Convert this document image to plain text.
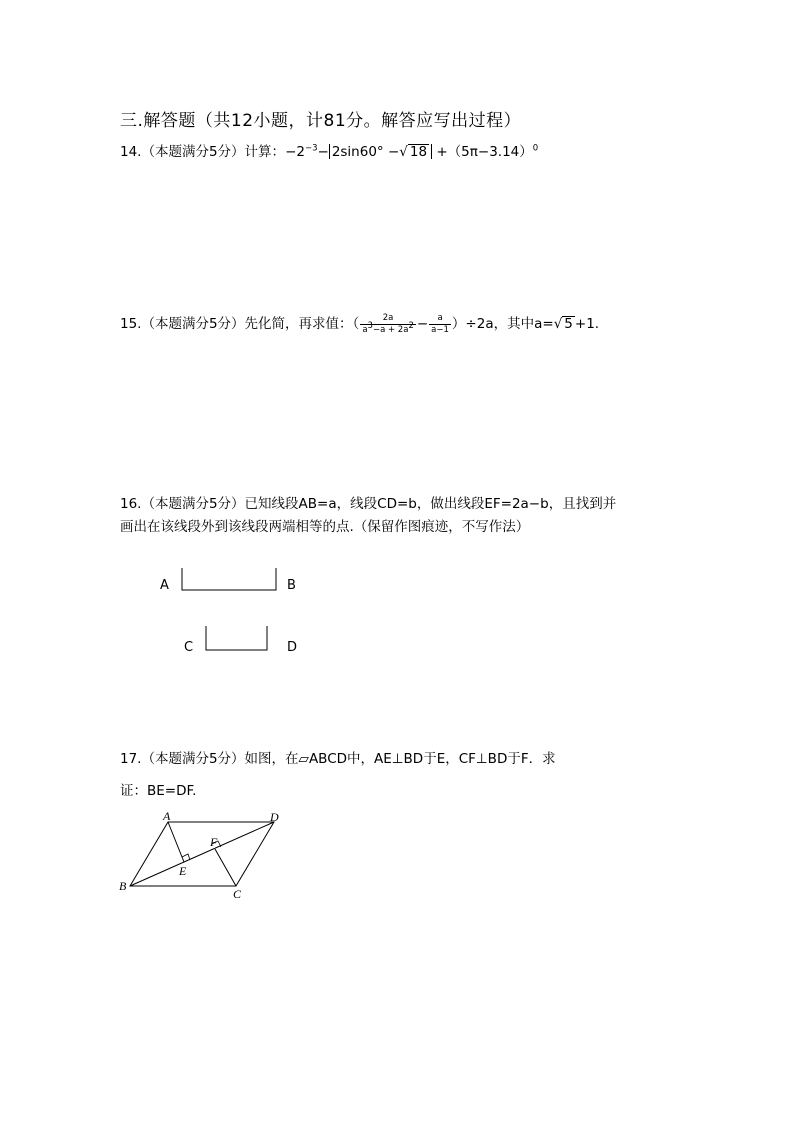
三.解答题（共12小题，计81分。解答应写出过程）
14.（本题满分5分）计算：$-2^{-3}- 2\sin 60^\circ$ −√ $18 +(5\pi-3.14)^0$
15.（本题满分5分）先化简，再求值：（ $\frac{2a}{a^3-a + 2a^2} - \frac{a}{a-1} )\div 2a$，其中a=√ 5 +1.
16.（本题满分5分）已知线段AB=a，线段CD=b，做出线段EF=2a−b，且找到并
画出在该线段外到该线段两端相等的点.（保留作图痕迹，不写作法）
A	B
C	D
17.（本题满分5分）如图，在▱ABCD中，AE⊥BD于E，CF⊥BD于F．求
证：BE=DF.
A	D
B
C
E
F
